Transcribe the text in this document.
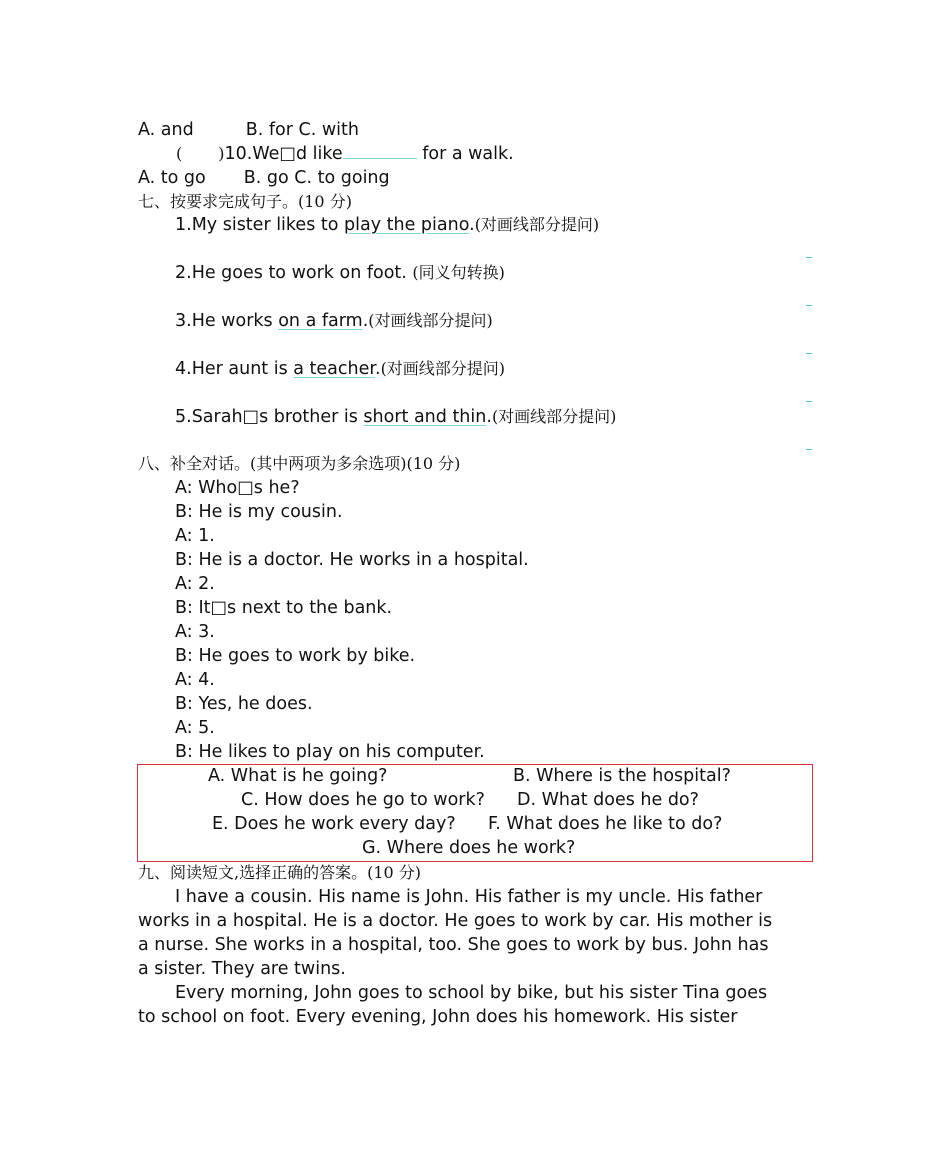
A. and	B. for C. with
( )10.We□d like	for a walk.
A. to go B. go C. to going
七、按要求完成句子。(10 分)
1.My sister likes to play the piano.(对画线部分提问)
2.He goes to work on foot. (同义句转换)
3.He works on a farm.(对画线部分提问)
4.Her aunt is a teacher.(对画线部分提问)
5.Sarah□s brother is short and thin.(对画线部分提问)
八、补全对话。(其中两项为多余选项)(10 分)
A: Who□s he?
B: He is my cousin.
A: 1.
B: He is a doctor. He works in a hospital.
A: 2.
B: It□s next to the bank.
A: 3.
B: He goes to work by bike.
A: 4.
B: Yes, he does.
A: 5.
B: He likes to play on his computer.
A. What is he going?	B. Where is the hospital?
C. How does he go to work? D. What does he do?
E. Does he work every day? F. What does he like to do?
G. Where does he work?
九、阅读短文,选择正确的答案。(10 分)
I have a cousin. His name is John. His father is my uncle. His father
works in a hospital. He is a doctor. He goes to work by car. His mother is
a nurse. She works in a hospital, too. She goes to work by bus. John has
a sister. They are twins.
Every morning, John goes to school by bike, but his sister Tina goes
to school on foot. Every evening, John does his homework. His sister
